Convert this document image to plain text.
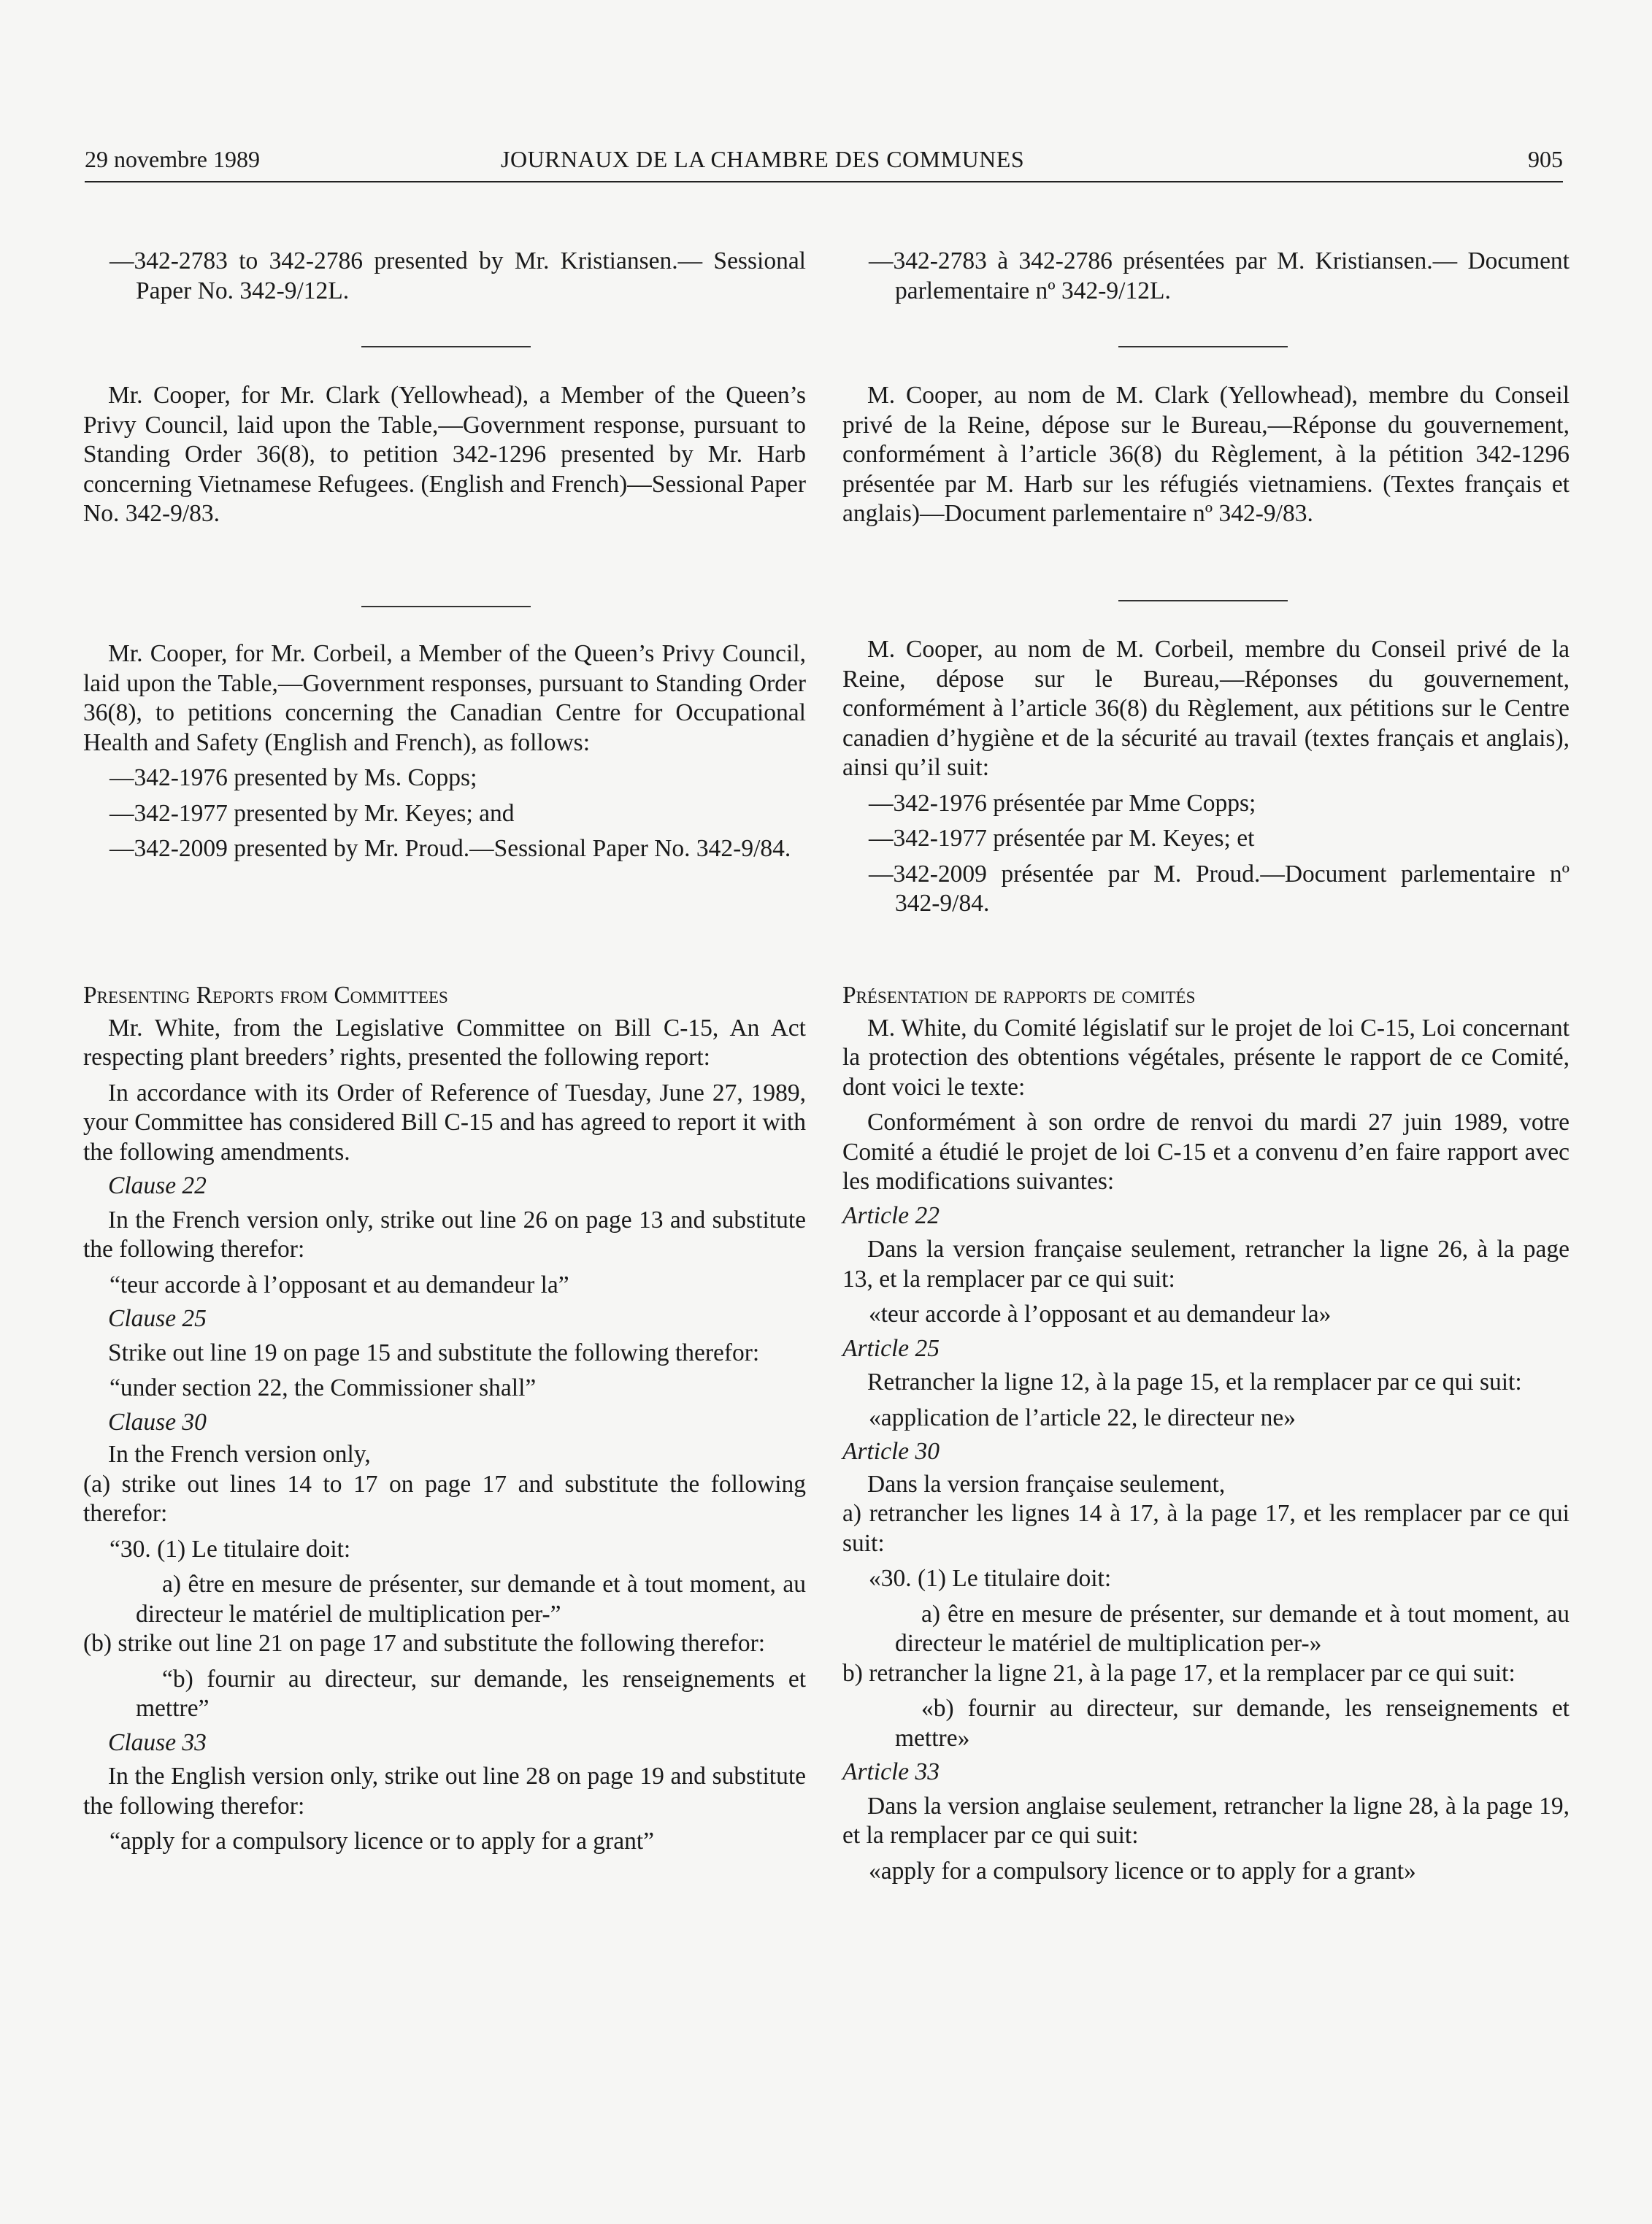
29 novembre 1989	JOURNAUX DE LA CHAMBRE DES COMMUNES	905

—342-2783 to 342-2786 presented by Mr. Kristiansen.— Sessional Paper No. 342-9/12L.

Mr. Cooper, for Mr. Clark (Yellowhead), a Member of the Queen’s Privy Council, laid upon the Table,—Government response, pursuant to Standing Order 36(8), to petition 342-1296 presented by Mr. Harb concerning Vietnamese Refugees. (English and French)—Sessional Paper No. 342-9/83.

Mr. Cooper, for Mr. Corbeil, a Member of the Queen’s Privy Council, laid upon the Table,—Government responses, pursuant to Standing Order 36(8), to petitions concerning the Canadian Centre for Occupational Health and Safety (English and French), as follows:

—342-1976 presented by Ms. Copps;

—342-1977 presented by Mr. Keyes; and

—342-2009 presented by Mr. Proud.—Sessional Paper No. 342-9/84.

Presenting Reports from Committees

Mr. White, from the Legislative Committee on Bill C-15, An Act respecting plant breeders’ rights, presented the following report:

In accordance with its Order of Reference of Tuesday, June 27, 1989, your Committee has considered Bill C-15 and has agreed to report it with the following amendments.

Clause 22

In the French version only, strike out line 26 on page 13 and substitute the following therefor:

“teur accorde à l’opposant et au demandeur la”

Clause 25

Strike out line 19 on page 15 and substitute the following therefor:

“under section 22, the Commissioner shall”

Clause 30

In the French version only,

(a) strike out lines 14 to 17 on page 17 and substitute the following therefor:

“30. (1) Le titulaire doit:

a) être en mesure de présenter, sur demande et à tout moment, au directeur le matériel de multiplication per-”

(b) strike out line 21 on page 17 and substitute the following therefor:

“b) fournir au directeur, sur demande, les renseignements et mettre”

Clause 33

In the English version only, strike out line 28 on page 19 and substitute the following therefor:

“apply for a compulsory licence or to apply for a grant”

—342-2783 à 342-2786 présentées par M. Kristiansen.— Document parlementaire nº 342-9/12L.

M. Cooper, au nom de M. Clark (Yellowhead), membre du Conseil privé de la Reine, dépose sur le Bureau,—Réponse du gouvernement, conformément à l’article 36(8) du Règlement, à la pétition 342-1296 présentée par M. Harb sur les réfugiés vietnamiens. (Textes français et anglais)—Document parlementaire nº 342-9/83.

M. Cooper, au nom de M. Corbeil, membre du Conseil privé de la Reine, dépose sur le Bureau,—Réponses du gouvernement, conformément à l’article 36(8) du Règlement, aux pétitions sur le Centre canadien d’hygiène et de la sécurité au travail (textes français et anglais), ainsi qu’il suit:

—342-1976 présentée par Mme Copps;

—342-1977 présentée par M. Keyes; et

—342-2009 présentée par M. Proud.—Document parlementaire nº 342-9/84.

Présentation de rapports de comités

M. White, du Comité législatif sur le projet de loi C-15, Loi concernant la protection des obtentions végétales, présente le rapport de ce Comité, dont voici le texte:

Conformément à son ordre de renvoi du mardi 27 juin 1989, votre Comité a étudié le projet de loi C-15 et a convenu d’en faire rapport avec les modifications suivantes:

Article 22

Dans la version française seulement, retrancher la ligne 26, à la page 13, et la remplacer par ce qui suit:

«teur accorde à l’opposant et au demandeur la»

Article 25

Retrancher la ligne 12, à la page 15, et la remplacer par ce qui suit:

«application de l’article 22, le directeur ne»

Article 30

Dans la version française seulement,

a) retrancher les lignes 14 à 17, à la page 17, et les remplacer par ce qui suit:

«30. (1) Le titulaire doit:

a) être en mesure de présenter, sur demande et à tout moment, au directeur le matériel de multiplication per-»

b) retrancher la ligne 21, à la page 17, et la remplacer par ce qui suit:

«b) fournir au directeur, sur demande, les renseignements et mettre»

Article 33

Dans la version anglaise seulement, retrancher la ligne 28, à la page 19, et la remplacer par ce qui suit:

«apply for a compulsory licence or to apply for a grant»
